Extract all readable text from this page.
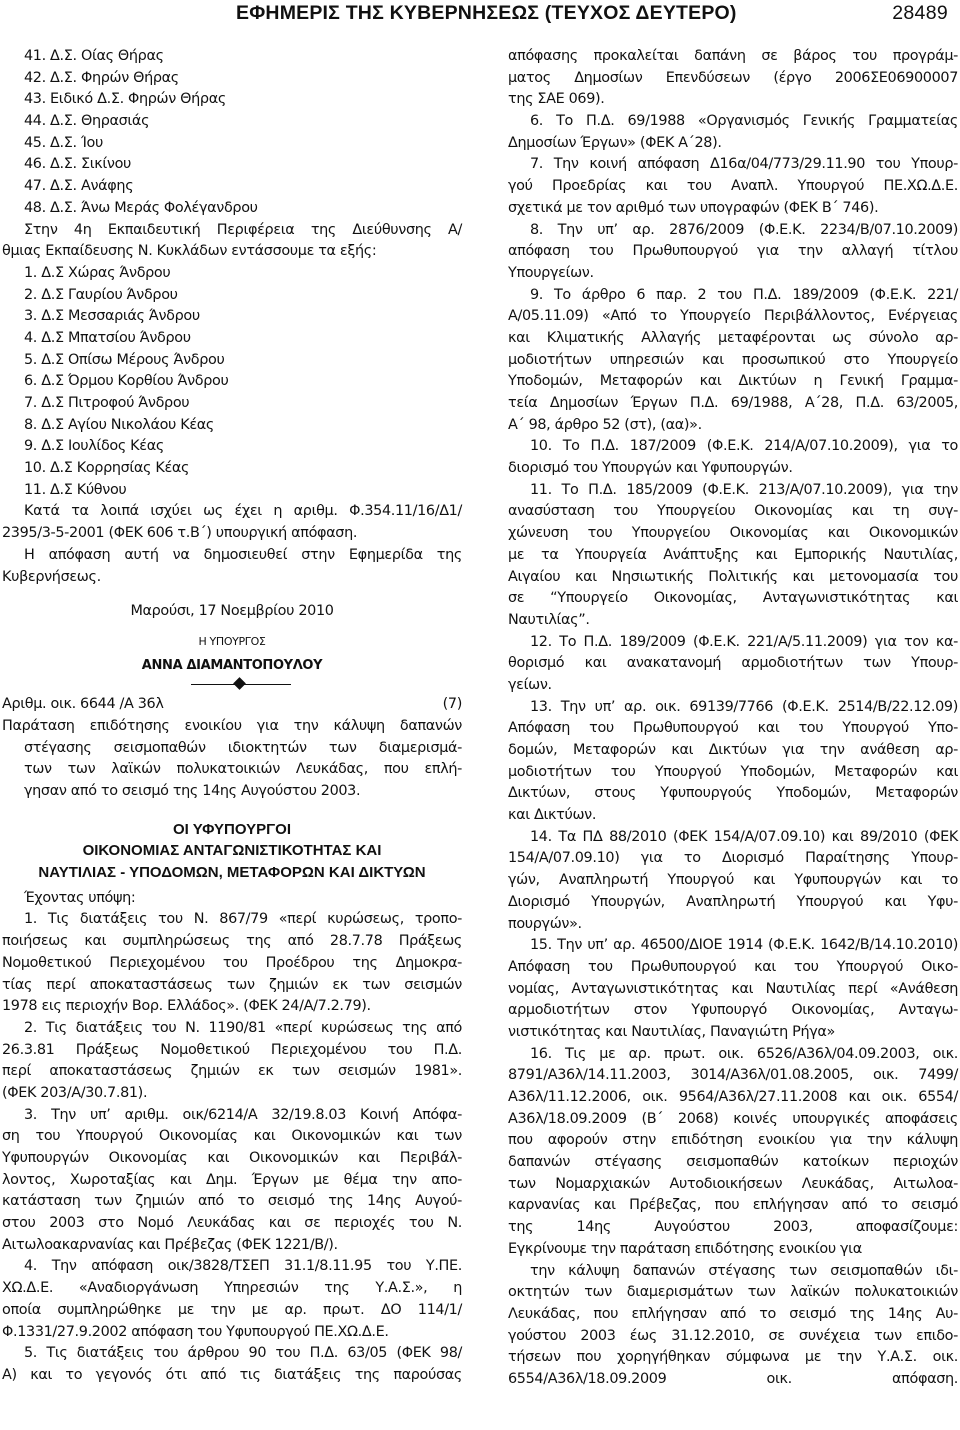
ΕΦΗΜΕΡΙΣ ΤΗΣ ΚΥΒΕΡΝΗΣΕΩΣ (ΤΕΥΧΟΣ ΔΕΥΤΕΡΟ)	28489
41. Δ.Σ. Οίας Θήρας
42. Δ.Σ. Φηρών Θήρας
43. Ειδικό Δ.Σ. Φηρών Θήρας
44. Δ.Σ. Θηρασιάς
45. Δ.Σ. Ίου
46. Δ.Σ. Σικίνου
47. Δ.Σ. Ανάφης
48. Δ.Σ. Άνω Μεράς Φολέγανδρου
Στην 4η Εκπαιδευτική Περιφέρεια της Διεύθυνσης Α/
θμιας Εκπαίδευσης Ν. Κυκλάδων εντάσσουμε τα εξής:
1. Δ.Σ Χώρας Άνδρου
2. Δ.Σ Γαυρίου Άνδρου
3. Δ.Σ Μεσσαριάς Άνδρου
4. Δ.Σ Μπατσίου Άνδρου
5. Δ.Σ Οπίσω Μέρους Άνδρου
6. Δ.Σ Όρμου Κορθίου Άνδρου
7. Δ.Σ Πιτροφού Άνδρου
8. Δ.Σ Αγίου Νικολάου Κέας
9. Δ.Σ Ιουλίδος Κέας
10. Δ.Σ Κορρησίας Κέας
11. Δ.Σ Κύθνου
Κατά τα λοιπά ισχύει ως έχει η αριθμ. Φ.354.11/16/Δ1/
2395/3-5-2001 (ΦΕΚ 606 τ.Β΄) υπουργική απόφαση.
Η απόφαση αυτή να δημοσιευθεί στην Εφημερίδα της
Κυβερνήσεως.
Μαρούσι, 17 Νοεμβρίου 2010
Η ΥΠΟΥΡΓΟΣ
ΑΝΝΑ ΔΙΑΜΑΝΤΟΠΟΥΛΟΥ
Αριθμ. οικ. 6644 /Α 36λ	(7)
Παράταση επιδότησης ενοικίου για την κάλυψη δαπανών
στέγασης σεισμοπαθών ιδιοκτητών των διαμερισμά-
των των λαϊκών πολυκατοικιών Λευκάδας, που επλή-
γησαν από το σεισμό της 14ης Αυγούστου 2003.
ΟΙ ΥΦΥΠΟΥΡΓΟΙ
ΟΙΚΟΝΟΜΙΑΣ ΑΝΤΑΓΩΝΙΣΤΙΚΟΤΗΤΑΣ ΚΑΙ
ΝΑΥΤΙΛΙΑΣ - ΥΠΟΔΟΜΩΝ, ΜΕΤΑΦΟΡΩΝ ΚΑΙ ΔΙΚΤΥΩΝ
Έχοντας υπόψη:
1. Τις διατάξεις του Ν. 867/79 «περί κυρώσεως, τροπο-
ποιήσεως και συμπληρώσεως της από 28.7.78 Πράξεως
Νομοθετικού Περιεχομένου του Προέδρου της Δημοκρα-
τίας περί αποκαταστάσεως των ζημιών εκ των σεισμών
1978 εις περιοχήν Βορ. Ελλάδος». (ΦΕΚ 24/Α/7.2.79).
2. Τις διατάξεις του Ν. 1190/81 «περί κυρώσεως της από
26.3.81 Πράξεως Νομοθετικού Περιεχομένου του Π.Δ.
περί αποκαταστάσεως ζημιών εκ των σεισμών 1981».
(ΦΕΚ 203/Α/30.7.81).
3. Την υπ’ αριθμ. οικ/6214/Α 32/19.8.03 Κοινή Απόφα-
ση του Υπουργού Οικονομίας και Οικονομικών και των
Υφυπουργών Οικονομίας και Οικονομικών και Περιβάλ-
λοντος, Χωροταξίας και Δημ. Έργων με θέμα την απο-
κατάσταση των ζημιών από το σεισμό της 14ης Αυγού-
στου 2003 στο Νομό Λευκάδας και σε περιοχές του Ν.
Αιτωλοακαρνανίας και Πρέβεζας (ΦΕΚ 1221/Β/).
4. Την απόφαση οικ/3828/ΤΣΕΠ 31.1/8.11.95 του Υ.ΠΕ.
ΧΩ.Δ.Ε. «Αναδιοργάνωση Υπηρεσιών της Υ.Α.Σ.», η
οποία συμπληρώθηκε με την με αρ. πρωτ. ΔΟ 114/1/
Φ.1331/27.9.2002 απόφαση του Υφυπουργού ΠΕ.ΧΩ.Δ.Ε.
5. Τις διατάξεις του άρθρου 90 του Π.Δ. 63/05 (ΦΕΚ 98/
Α) και το γεγονός ότι από τις διατάξεις της παρούσας
απόφασης προκαλείται δαπάνη σε βάρος του προγράμ-
ματος Δημοσίων Επενδύσεων (έργο 2006ΣΕ06900007
της ΣΑΕ 069).
6. Το Π.Δ. 69/1988 «Οργανισμός Γενικής Γραμματείας
Δημοσίων Έργων» (ΦΕΚ Α΄28).
7. Την κοινή απόφαση Δ16α/04/773/29.11.90 του Υπουρ-
γού Προεδρίας και του Αναπλ. Υπουργού ΠΕ.ΧΩ.Δ.Ε.
σχετικά με τον αριθμό των υπογραφών (ΦΕΚ Β΄ 746).
8. Την υπ’ αρ. 2876/2009 (Φ.Ε.Κ. 2234/Β/07.10.2009)
απόφαση του Πρωθυπουργού για την αλλαγή τίτλου
Υπουργείων.
9. Το άρθρο 6 παρ. 2 του Π.Δ. 189/2009 (Φ.Ε.Κ. 221/
Α/05.11.09) «Από το Υπουργείο Περιβάλλοντος, Ενέργειας
και Κλιματικής Αλλαγής μεταφέρονται ως σύνολο αρ-
μοδιοτήτων υπηρεσιών και προσωπικού στο Υπουργείο
Υποδομών, Μεταφορών και Δικτύων η Γενική Γραμμα-
τεία Δημοσίων Έργων Π.Δ. 69/1988, Α΄28, Π.Δ. 63/2005,
Α΄ 98, άρθρο 52 (στ), (αα)».
10. Το Π.Δ. 187/2009 (Φ.Ε.Κ. 214/Α/07.10.2009), για το
διορισμό του Υπουργών και Υφυπουργών.
11. Το Π.Δ. 185/2009 (Φ.Ε.Κ. 213/Α/07.10.2009), για την
ανασύσταση του Υπουργείου Οικονομίας και τη συγ-
χώνευση του Υπουργείου Οικονομίας και Οικονομικών
με τα Υπουργεία Ανάπτυξης και Εμπορικής Ναυτιλίας,
Αιγαίου και Νησιωτικής Πολιτικής και μετονομασία του
σε “Υπουργείο Οικονομίας, Ανταγωνιστικότητας και
Ναυτιλίας”.
12. Το Π.Δ. 189/2009 (Φ.Ε.Κ. 221/Α/5.11.2009) για τον κα-
θορισμό και ανακατανομή αρμοδιοτήτων των Υπουρ-
γείων.
13. Την υπ’ αρ. οικ. 69139/7766 (Φ.Ε.Κ. 2514/Β/22.12.09)
Απόφαση του Πρωθυπουργού και του Υπουργού Υπο-
δομών, Μεταφορών και Δικτύων για την ανάθεση αρ-
μοδιοτήτων του Υπουργού Υποδομών, Μεταφορών και
Δικτύων, στους Υφυπουργούς Υποδομών, Μεταφορών
και Δικτύων.
14. Τα ΠΔ 88/2010 (ΦΕΚ 154/Α/07.09.10) και 89/2010 (ΦΕΚ
154/Α/07.09.10) για το Διορισμό Παραίτησης Υπουρ-
γών, Αναπληρωτή Υπουργού και Υφυπουργών και το
Διορισμό Υπουργών, Αναπληρωτή Υπουργού και Υφυ-
πουργών».
15. Την υπ’ αρ. 46500/ΔΙΟΕ 1914 (Φ.Ε.Κ. 1642/Β/14.10.2010)
Απόφαση του Πρωθυπουργού και του Υπουργού Οικο-
νομίας, Ανταγωνιστικότητας και Ναυτιλίας περί «Ανάθεση
αρμοδιοτήτων στον Υφυπουργό Οικονομίας, Ανταγω-
νιστικότητας και Ναυτιλίας, Παναγιώτη Ρήγα»
16. Τις με αρ. πρωτ. οικ. 6526/Α36λ/04.09.2003, οικ.
8791/Α36λ/14.11.2003, 3014/Α36λ/01.08.2005, οικ. 7499/
Α36λ/11.12.2006, οικ. 9564/Α36λ/27.11.2008 και οικ. 6554/
Α36λ/18.09.2009 (Β΄ 2068) κοινές υπουργικές αποφάσεις
που αφορούν στην επιδότηση ενοικίου για την κάλυψη
δαπανών στέγασης σεισμοπαθών κατοίκων περιοχών
των Νομαρχιακών Αυτοδιοικήσεων Λευκάδας, Αιτωλοα-
καρνανίας και Πρέβεζας, που επλήγησαν από το σεισμό
της 14ης Αυγούστου 2003, αποφασίζουμε:
Εγκρίνουμε την παράταση επιδότησης ενοικίου για
την κάλυψη δαπανών στέγασης των σεισμοπαθών ιδι-
οκτητών των διαμερισμάτων των λαϊκών πολυκατοικιών
Λευκάδας, που επλήγησαν από το σεισμό της 14ης Αυ-
γούστου 2003 έως 31.12.2010, σε συνέχεια των επιδο-
τήσεων που χορηγήθηκαν σύμφωνα με την Υ.Α.Σ. οικ.
6554/Α36λ/18.09.2009 οικ. απόφαση.
